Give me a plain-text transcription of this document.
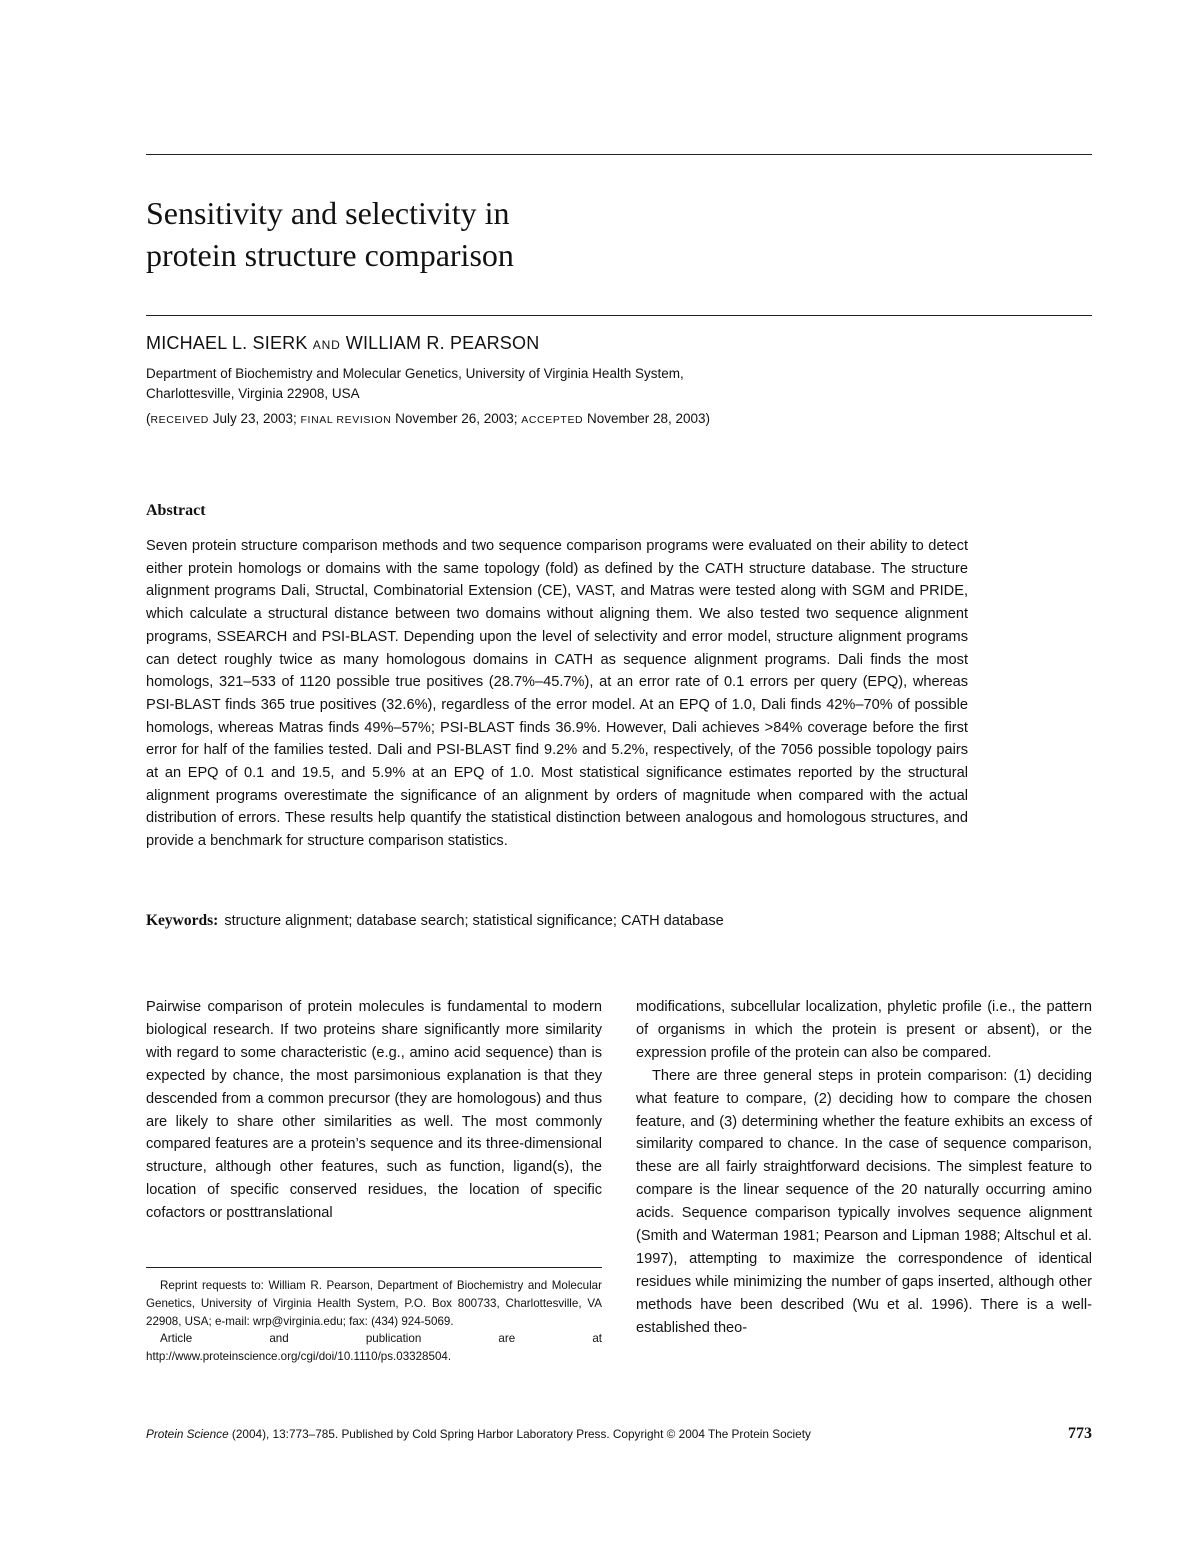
Sensitivity and selectivity in
protein structure comparison
MICHAEL L. SIERK AND WILLIAM R. PEARSON
Department of Biochemistry and Molecular Genetics, University of Virginia Health System,
Charlottesville, Virginia 22908, USA
(RECEIVED July 23, 2003; FINAL REVISION November 26, 2003; ACCEPTED November 28, 2003)
Abstract
Seven protein structure comparison methods and two sequence comparison programs were evaluated on their ability to detect either protein homologs or domains with the same topology (fold) as defined by the CATH structure database. The structure alignment programs Dali, Structal, Combinatorial Extension (CE), VAST, and Matras were tested along with SGM and PRIDE, which calculate a structural distance between two domains without aligning them. We also tested two sequence alignment programs, SSEARCH and PSI-BLAST. Depending upon the level of selectivity and error model, structure alignment programs can detect roughly twice as many homologous domains in CATH as sequence alignment programs. Dali finds the most homologs, 321–533 of 1120 possible true positives (28.7%–45.7%), at an error rate of 0.1 errors per query (EPQ), whereas PSI-BLAST finds 365 true positives (32.6%), regardless of the error model. At an EPQ of 1.0, Dali finds 42%–70% of possible homologs, whereas Matras finds 49%–57%; PSI-BLAST finds 36.9%. However, Dali achieves >84% coverage before the first error for half of the families tested. Dali and PSI-BLAST find 9.2% and 5.2%, respectively, of the 7056 possible topology pairs at an EPQ of 0.1 and 19.5, and 5.9% at an EPQ of 1.0. Most statistical significance estimates reported by the structural alignment programs overestimate the significance of an alignment by orders of magnitude when compared with the actual distribution of errors. These results help quantify the statistical distinction between analogous and homologous structures, and provide a benchmark for structure comparison statistics.
Keywords: structure alignment; database search; statistical significance; CATH database

Pairwise comparison of protein molecules is fundamental to modern biological research. If two proteins share significantly more similarity with regard to some characteristic (e.g., amino acid sequence) than is expected by chance, the most parsimonious explanation is that they descended from a common precursor (they are homologous) and thus are likely to share other similarities as well. The most commonly compared features are a protein’s sequence and its three-dimensional structure, although other features, such as function, ligand(s), the location of specific conserved residues, the location of specific cofactors or posttranslational

modifications, subcellular localization, phyletic profile (i.e., the pattern of organisms in which the protein is present or absent), or the expression profile of the protein can also be compared.

There are three general steps in protein comparison: (1) deciding what feature to compare, (2) deciding how to compare the chosen feature, and (3) determining whether the feature exhibits an excess of similarity compared to chance. In the case of sequence comparison, these are all fairly straightforward decisions. The simplest feature to compare is the linear sequence of the 20 naturally occurring amino acids. Sequence comparison typically involves sequence alignment (Smith and Waterman 1981; Pearson and Lipman 1988; Altschul et al. 1997), attempting to maximize the correspondence of identical residues while minimizing the number of gaps inserted, although other methods have been described (Wu et al. 1996). There is a well-established theo-

Reprint requests to: William R. Pearson, Department of Biochemistry and Molecular Genetics, University of Virginia Health System, P.O. Box 800733, Charlottesville, VA 22908, USA; e-mail: wrp@virginia.edu; fax: (434) 924-5069.

Article and publication are at http://www.proteinscience.org/cgi/doi/10.1110/ps.03328504.

Protein Science (2004), 13:773–785. Published by Cold Spring Harbor Laboratory Press. Copyright © 2004 The Protein Society	773
